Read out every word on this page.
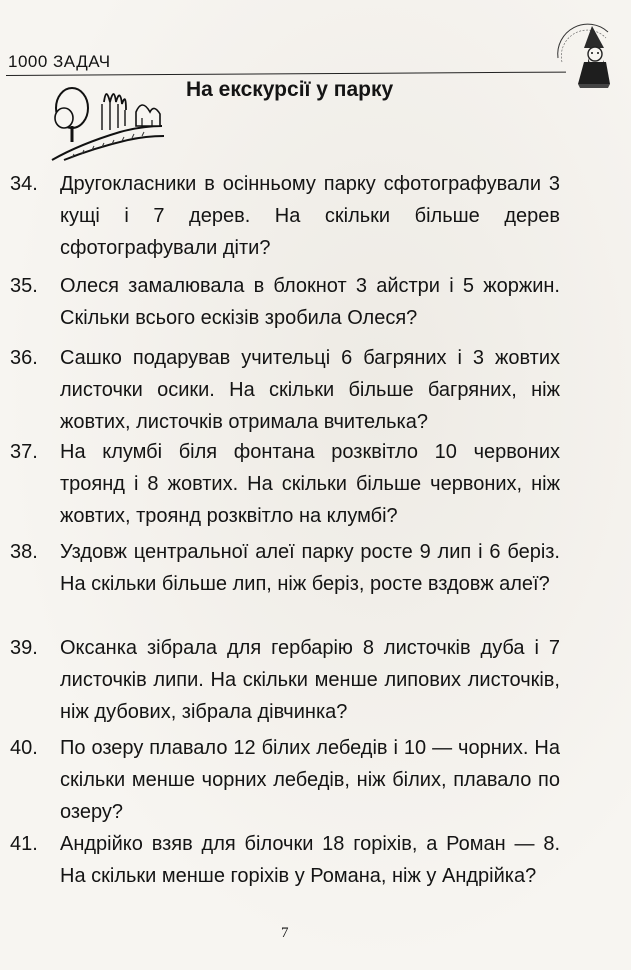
1000 ЗАДАЧ
На екскурсії у парку
34. Другокласники в осінньому парку сфотографували 3 кущі і 7 дерев. На скільки більше дерев сфотографували діти?
35. Олеся замалювала в блокнот 3 айстри і 5 жоржин. Скільки всього ескізів зробила Олеся?
36. Сашко подарував учительці 6 багряних і 3 жовтих листочки осики. На скільки більше багряних, ніж жовтих, листочків отримала вчителька?
37. На клумбі біля фонтана розквітло 10 червоних троянд і 8 жовтих. На скільки більше червоних, ніж жовтих, троянд розквітло на клумбі?
38. Уздовж центральної алеї парку росте 9 лип і 6 беріз. На скільки більше лип, ніж беріз, росте вздовж алеї?
39. Оксанка зібрала для гербарію 8 листочків дуба і 7 листочків липи. На скільки менше липових листочків, ніж дубових, зібрала дівчинка?
40. По озеру плавало 12 білих лебедів і 10 — чорних. На скільки менше чорних лебедів, ніж білих, плавало по озеру?
41. Андрійко взяв для білочки 18 горіхів, а Роман — 8. На скільки менше горіхів у Романа, ніж у Андрійка?
7
